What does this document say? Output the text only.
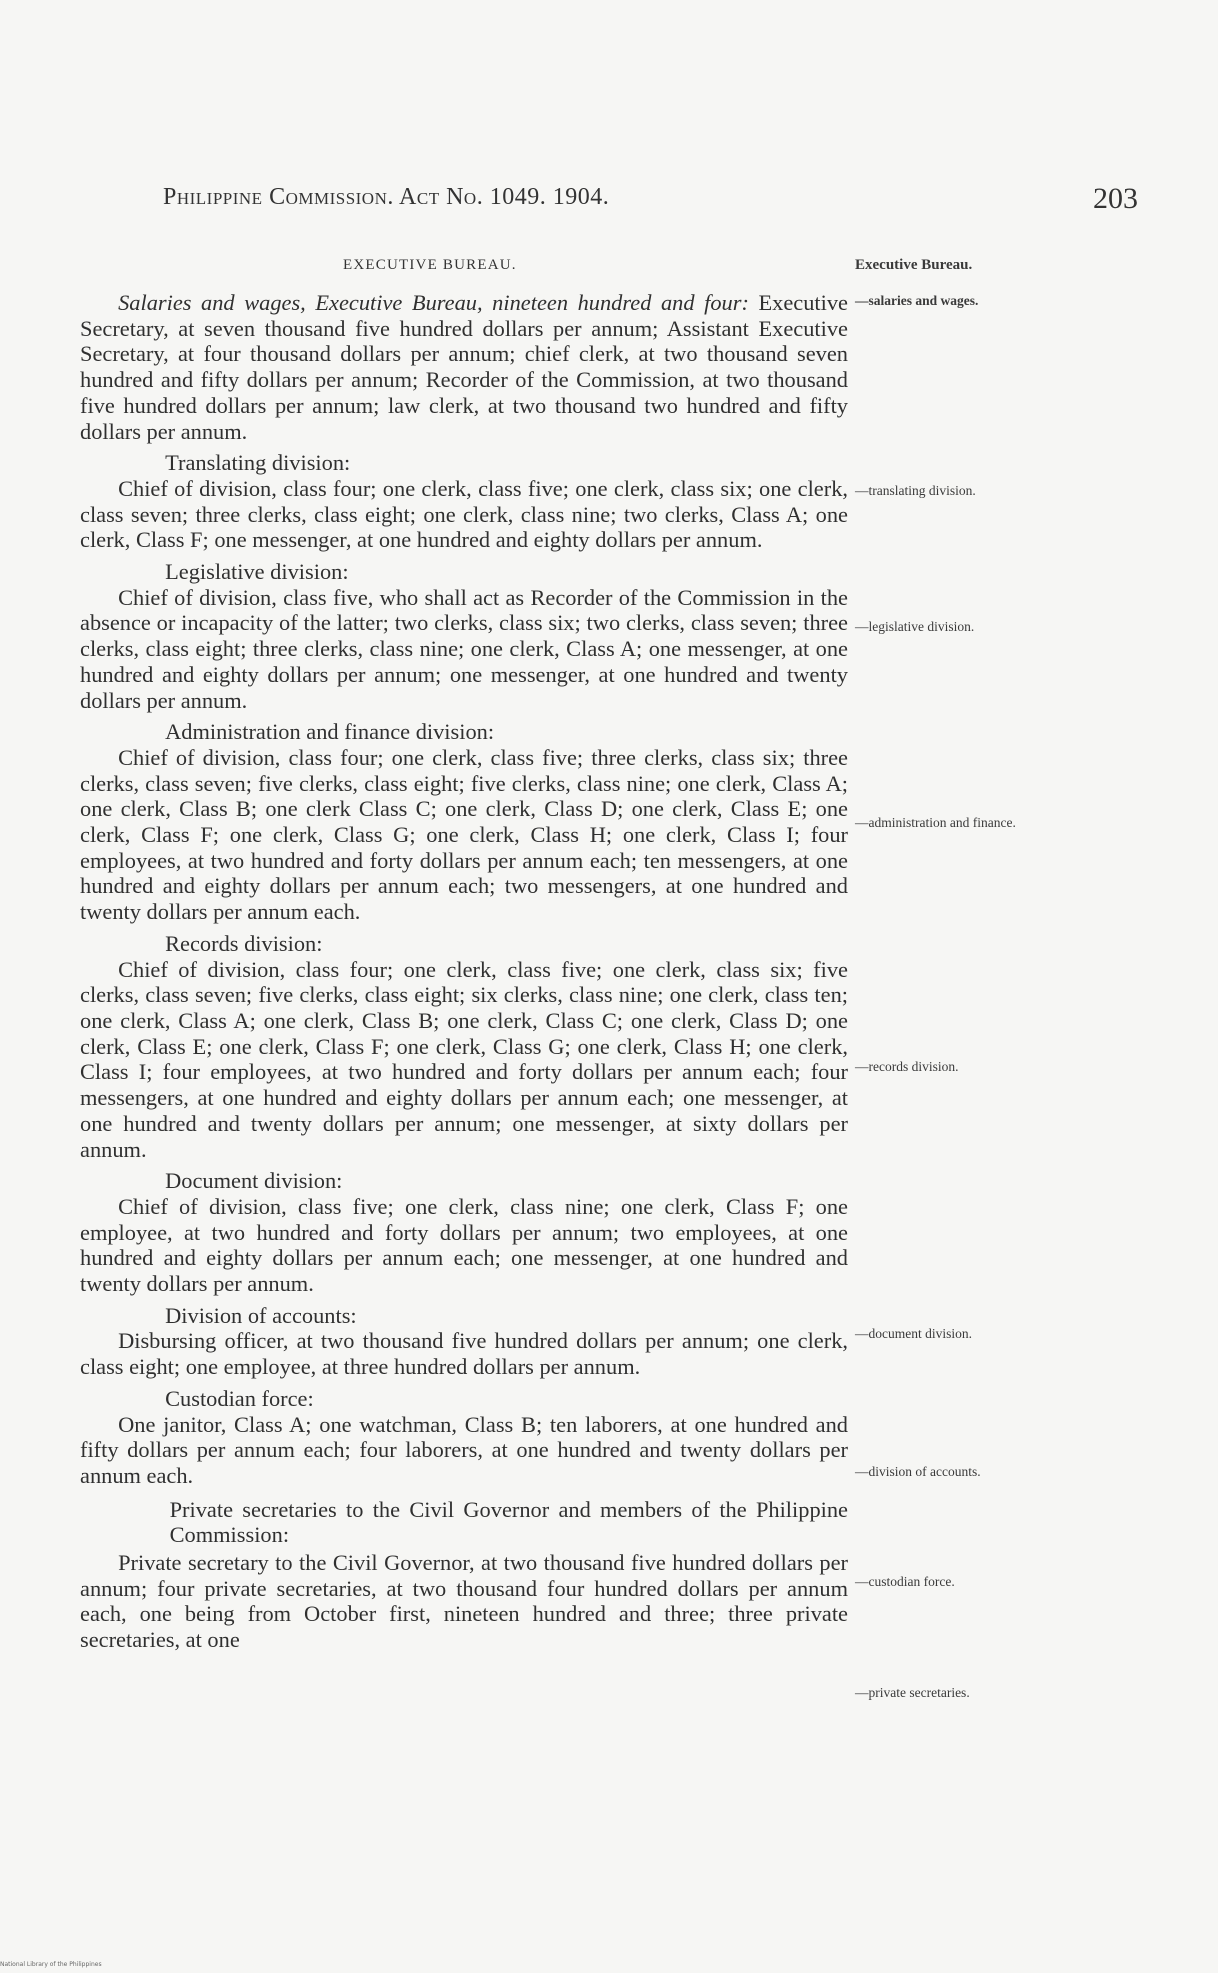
Philippine Commission. Act No. 1049. 1904.	203
EXECUTIVE BUREAU.

Salaries and wages, Executive Bureau, nineteen hundred and four: Executive Secretary, at seven thousand five hundred dollars per annum; Assistant Executive Secretary, at four thousand dollars per annum; chief clerk, at two thousand seven hundred and fifty dollars per annum; Recorder of the Commission, at two thousand five hundred dollars per annum; law clerk, at two thousand two hundred and fifty dollars per annum.

Translating division:

Chief of division, class four; one clerk, class five; one clerk, class six; one clerk, class seven; three clerks, class eight; one clerk, class nine; two clerks, Class A; one clerk, Class F; one messenger, at one hundred and eighty dollars per annum.

Legislative division:

Chief of division, class five, who shall act as Recorder of the Commission in the absence or incapacity of the latter; two clerks, class six; two clerks, class seven; three clerks, class eight; three clerks, class nine; one clerk, Class A; one messenger, at one hundred and eighty dollars per annum; one messenger, at one hundred and twenty dollars per annum.

Administration and finance division:

Chief of division, class four; one clerk, class five; three clerks, class six; three clerks, class seven; five clerks, class eight; five clerks, class nine; one clerk, Class A; one clerk, Class B; one clerk Class C; one clerk, Class D; one clerk, Class E; one clerk, Class F; one clerk, Class G; one clerk, Class H; one clerk, Class I; four employees, at two hundred and forty dollars per annum each; ten messengers, at one hundred and eighty dollars per annum each; two messengers, at one hundred and twenty dollars per annum each.

Records division:

Chief of division, class four; one clerk, class five; one clerk, class six; five clerks, class seven; five clerks, class eight; six clerks, class nine; one clerk, class ten; one clerk, Class A; one clerk, Class B; one clerk, Class C; one clerk, Class D; one clerk, Class E; one clerk, Class F; one clerk, Class G; one clerk, Class H; one clerk, Class I; four employees, at two hundred and forty dollars per annum each; four messengers, at one hundred and eighty dollars per annum each; one messenger, at one hundred and twenty dollars per annum; one messenger, at sixty dollars per annum.

Document division:

Chief of division, class five; one clerk, class nine; one clerk, Class F; one employee, at two hundred and forty dollars per annum; two employees, at one hundred and eighty dollars per annum each; one messenger, at one hundred and twenty dollars per annum.

Division of accounts:

Disbursing officer, at two thousand five hundred dollars per annum; one clerk, class eight; one employee, at three hundred dollars per annum.

Custodian force:

One janitor, Class A; one watchman, Class B; ten laborers, at one hundred and fifty dollars per annum each; four laborers, at one hundred and twenty dollars per annum each.

Private secretaries to the Civil Governor and members of the Philippine Commission:

Private secretary to the Civil Governor, at two thousand five hundred dollars per annum; four private secretaries, at two thousand four hundred dollars per annum each, one being from October first, nineteen hundred and three; three private secretaries, at one

Executive Bureau.
—salaries and wages.
—translating division.
—legislative division.
—administration and finance.
—records division.
—document division.
—division of accounts.
—custodian force.
—private secretaries.
National Library of the Philippines
